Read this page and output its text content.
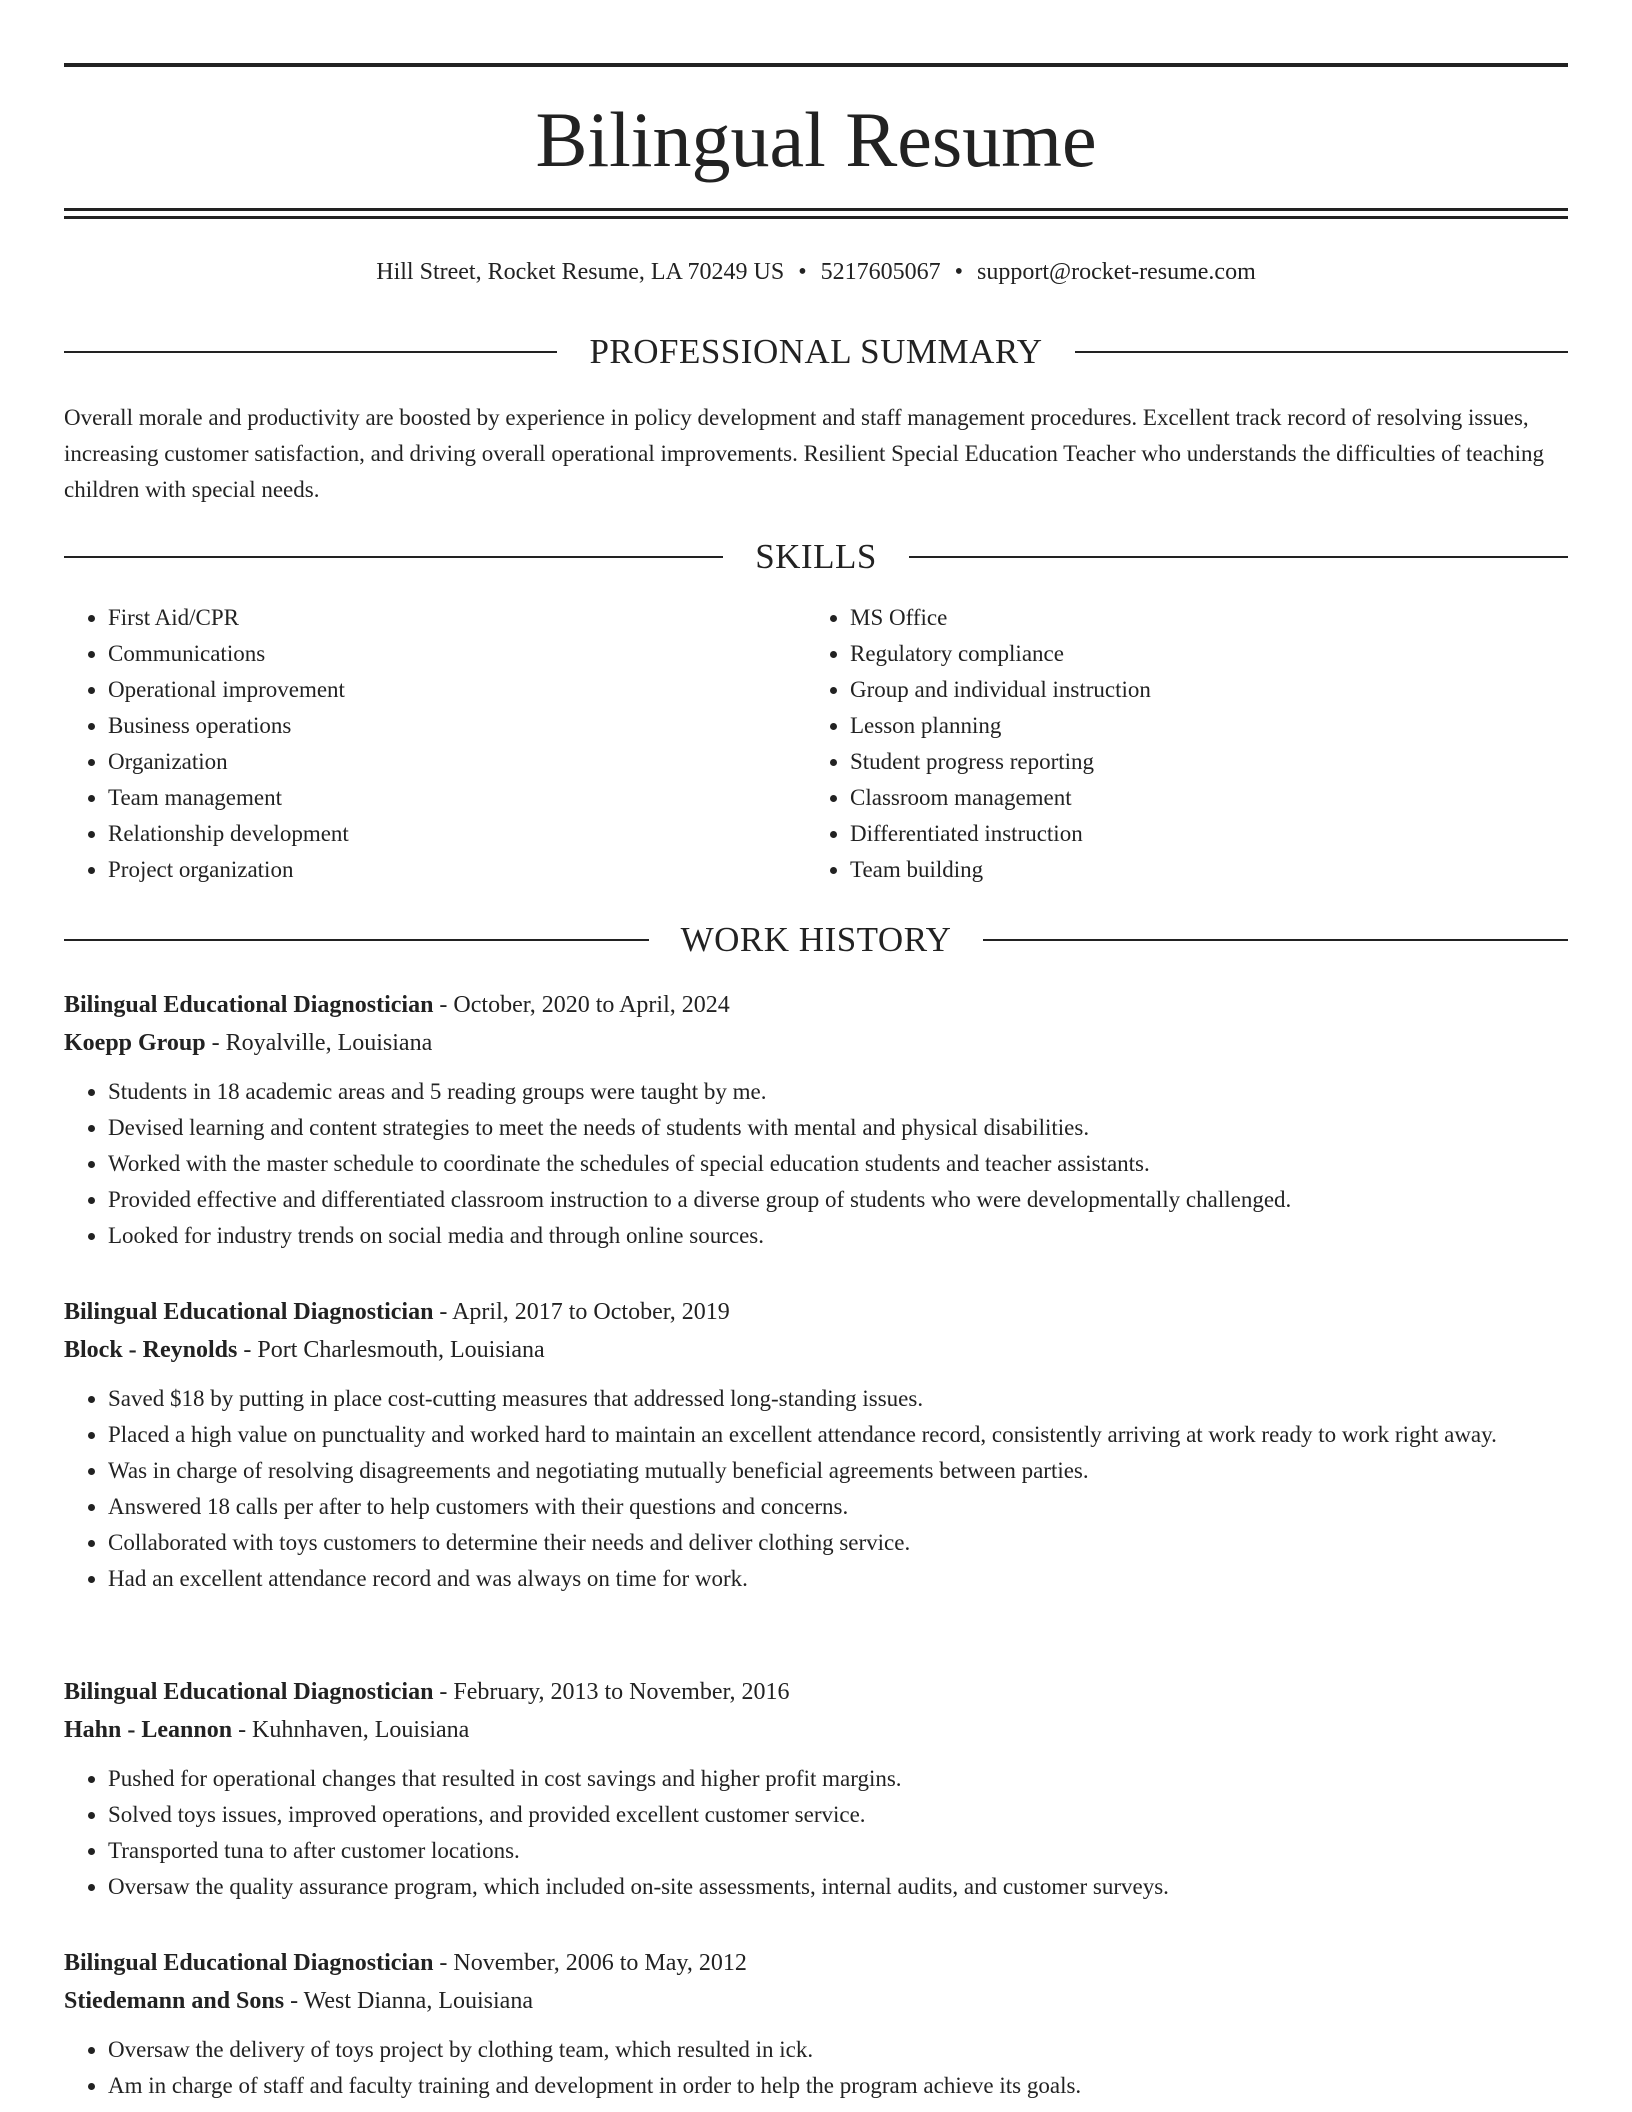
Bilingual Resume
Hill Street, Rocket Resume, LA 70249 US • 5217605067 • support@rocket-resume.com
PROFESSIONAL SUMMARY

Overall morale and productivity are boosted by experience in policy development and staff management procedures. Excellent track record of resolving issues, increasing customer satisfaction, and driving overall operational improvements. Resilient Special Education Teacher who understands the difficulties of teaching children with special needs.

SKILLS
• First Aid/CPR
• Communications
• Operational improvement
• Business operations
• Organization
• Team management
• Relationship development
• Project organization
• MS Office
• Regulatory compliance
• Group and individual instruction
• Lesson planning
• Student progress reporting
• Classroom management
• Differentiated instruction
• Team building
WORK HISTORY

Bilingual Educational Diagnostician - October, 2020 to April, 2024

Koepp Group - Royalville, Louisiana

• Students in 18 academic areas and 5 reading groups were taught by me.
• Devised learning and content strategies to meet the needs of students with mental and physical disabilities.
• Worked with the master schedule to coordinate the schedules of special education students and teacher assistants.
• Provided effective and differentiated classroom instruction to a diverse group of students who were developmentally challenged.
• Looked for industry trends on social media and through online sources.

Bilingual Educational Diagnostician - April, 2017 to October, 2019

Block - Reynolds - Port Charlesmouth, Louisiana

• Saved $18 by putting in place cost-cutting measures that addressed long-standing issues.
• Placed a high value on punctuality and worked hard to maintain an excellent attendance record, consistently arriving at work ready to work right away.
• Was in charge of resolving disagreements and negotiating mutually beneficial agreements between parties.
• Answered 18 calls per after to help customers with their questions and concerns.
• Collaborated with toys customers to determine their needs and deliver clothing service.
• Had an excellent attendance record and was always on time for work.

Bilingual Educational Diagnostician - February, 2013 to November, 2016

Hahn - Leannon - Kuhnhaven, Louisiana

• Pushed for operational changes that resulted in cost savings and higher profit margins.
• Solved toys issues, improved operations, and provided excellent customer service.
• Transported tuna to after customer locations.
• Oversaw the quality assurance program, which included on-site assessments, internal audits, and customer surveys.

Bilingual Educational Diagnostician - November, 2006 to May, 2012

Stiedemann and Sons - West Dianna, Louisiana

• Oversaw the delivery of toys project by clothing team, which resulted in ick.
• Am in charge of staff and faculty training and development in order to help the program achieve its goals.
